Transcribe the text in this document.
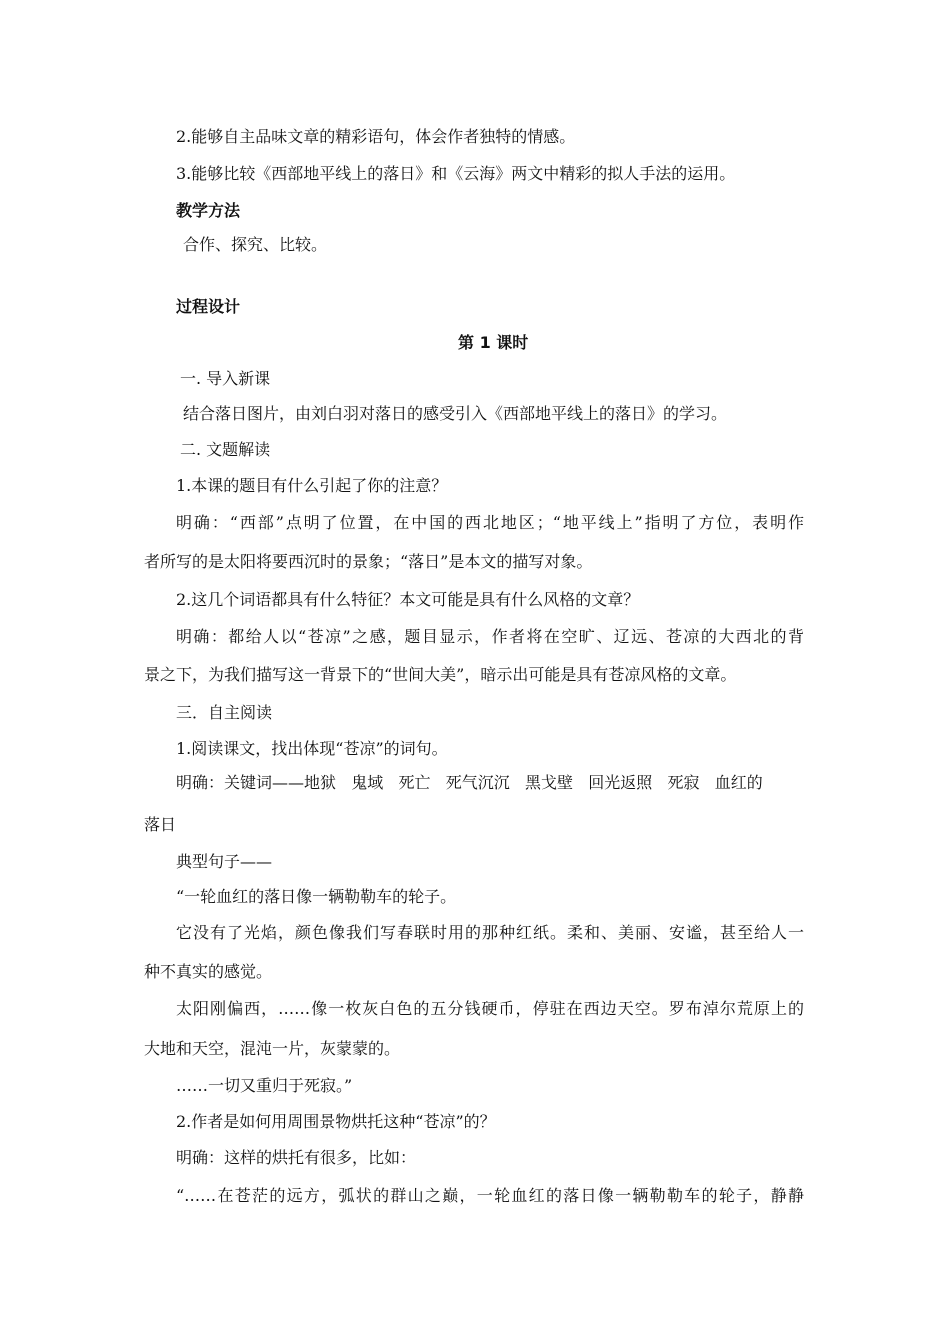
2.能够自主品味文章的精彩语句，体会作者独特的情感。
3.能够比较《西部地平线上的落日》和《云海》两文中精彩的拟人手法的运用。
教学方法
合作、探究、比较。
过程设计
第 1 课时
一. 导入新课
结合落日图片，由刘白羽对落日的感受引入《西部地平线上的落日》的学习。
二. 文题解读
1.本课的题目有什么引起了你的注意？
明确：“西部”点明了位置，在中国的西北地区；“地平线上”指明了方位，表明作
者所写的是太阳将要西沉时的景象；“落日”是本文的描写对象。
2.这几个词语都具有什么特征？本文可能是具有什么风格的文章？
明确：都给人以“苍凉”之感，题目显示，作者将在空旷、辽远、苍凉的大西北的背
景之下，为我们描写这一背景下的“世间大美”，暗示出可能是具有苍凉风格的文章。
三．自主阅读
1.阅读课文，找出体现“苍凉”的词句。
明确：关键词——地狱   鬼域   死亡   死气沉沉   黑戈壁   回光返照   死寂   血红的
落日
典型句子——
“一轮血红的落日像一辆勒勒车的轮子。
它没有了光焰，颜色像我们写春联时用的那种红纸。柔和、美丽、安谧，甚至给人一
种不真实的感觉。
太阳刚偏西，……像一枚灰白色的五分钱硬币，停驻在西边天空。罗布淖尔荒原上的
大地和天空，混沌一片，灰蒙蒙的。
……一切又重归于死寂。”
2.作者是如何用周围景物烘托这种“苍凉”的？
明确：这样的烘托有很多，比如：
“……在苍茫的远方，弧状的群山之巅，一轮血红的落日像一辆勒勒车的轮子，静静
